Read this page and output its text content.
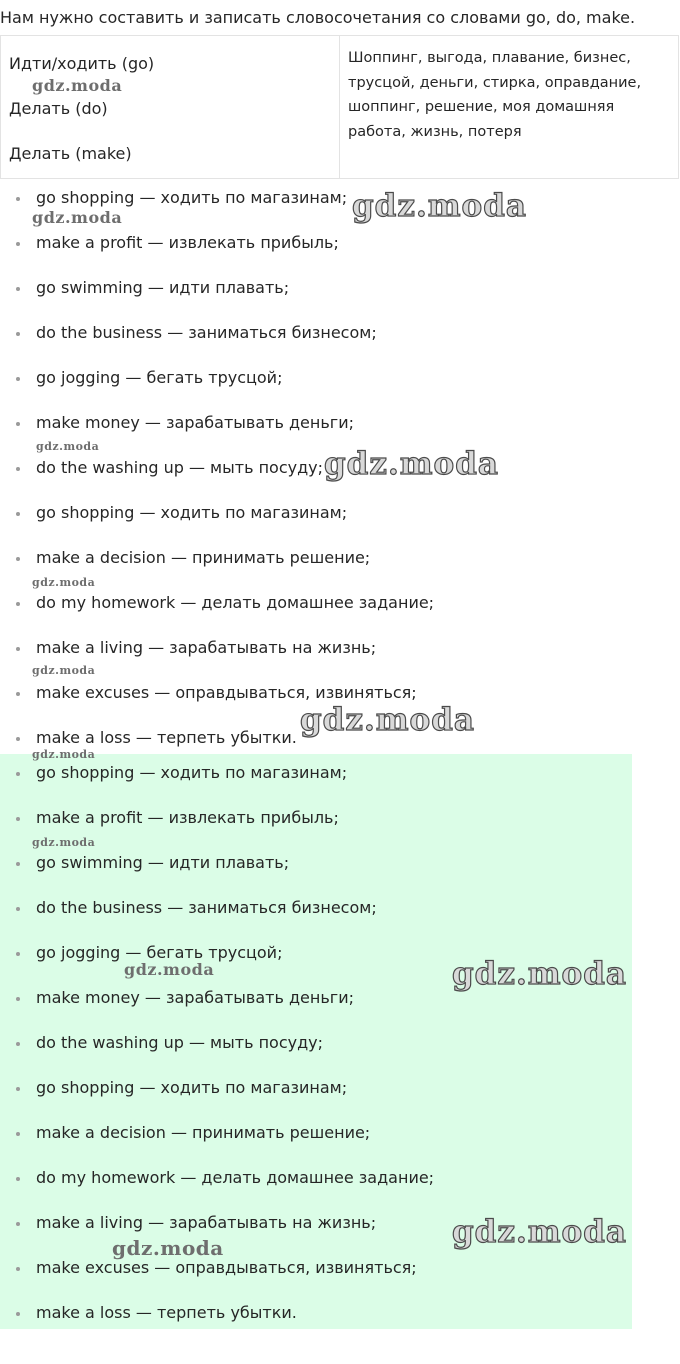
Нам нужно составить и записать словосочетания со словами go, do, make.
Идти/ходить (go)
Делать (do)
Делать (make)
Шоппинг, выгода, плавание, бизнес, трусцой, деньги, стирка, оправдание, шоппинг, решение, моя домашняя работа, жизнь, потеря
go shopping — ходить по магазинам;
make a profit — извлекать прибыль;
go swimming — идти плавать;
do the business — заниматься бизнесом;
go jogging — бегать трусцой;
make money — зарабатывать деньги;
do the washing up — мыть посуду;
go shopping — ходить по магазинам;
make a decision — принимать решение;
do my homework — делать домашнее задание;
make a living — зарабатывать на жизнь;
make excuses — оправдываться, извиняться;
make a loss — терпеть убытки.
go shopping — ходить по магазинам;
make a profit — извлекать прибыль;
go swimming — идти плавать;
do the business — заниматься бизнесом;
go jogging — бегать трусцой;
make money — зарабатывать деньги;
do the washing up — мыть посуду;
go shopping — ходить по магазинам;
make a decision — принимать решение;
do my homework — делать домашнее задание;
make a living — зарабатывать на жизнь;
make excuses — оправдываться, извиняться;
make a loss — терпеть убытки.
gdz.moda
gdz.moda
gdz.moda
gdz.moda	gdz.moda
gdz.moda
gdz.moda
gdz.moda
gdz.moda
gdz.moda
gdz.moda	gdz.moda
gdz.moda
gdz.moda
